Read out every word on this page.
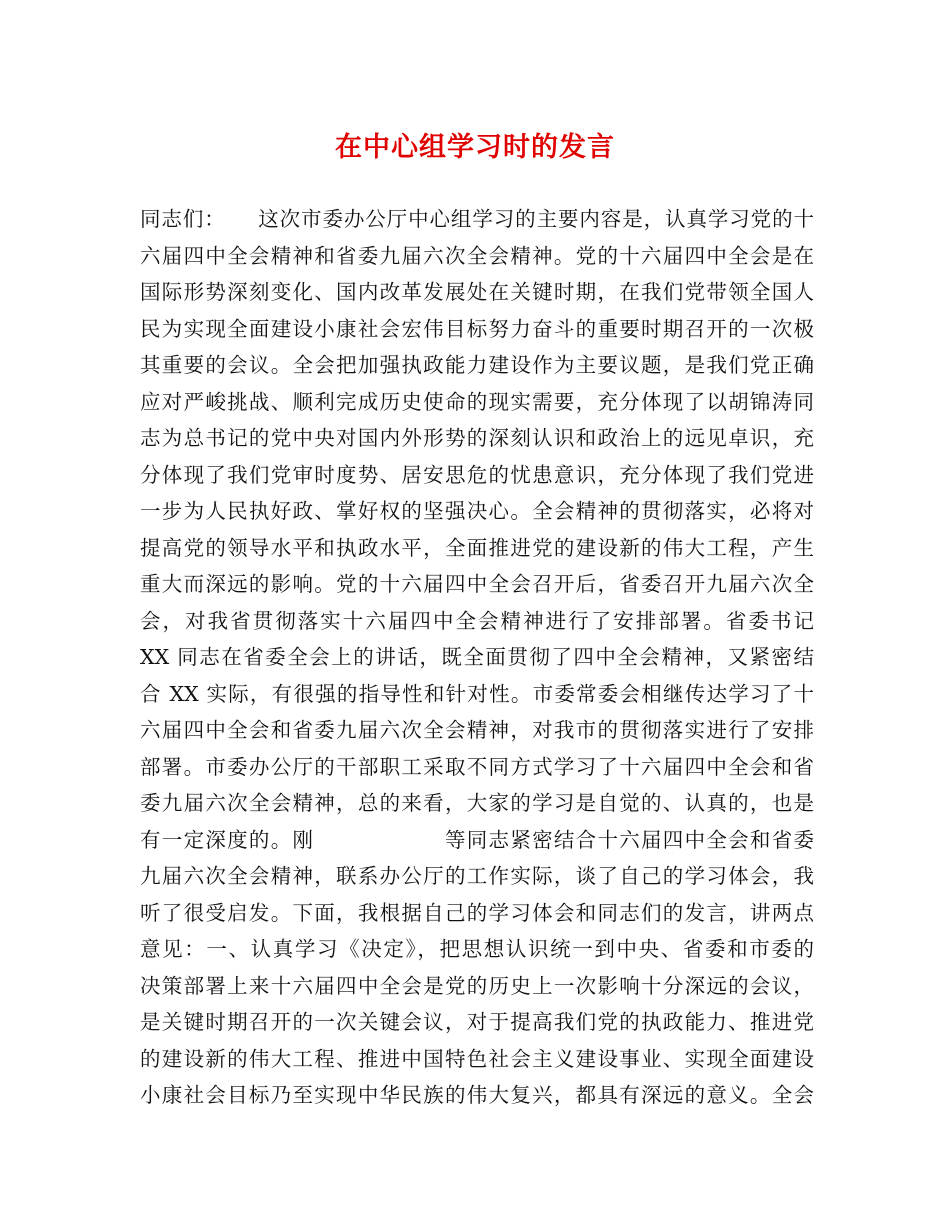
在中心组学习时的发言
同志们：　　这次市委办公厅中心组学习的主要内容是，认真学习党的十
六届四中全会精神和省委九届六次全会精神。党的十六届四中全会是在
国际形势深刻变化、国内改革发展处在关键时期，在我们党带领全国人
民为实现全面建设小康社会宏伟目标努力奋斗的重要时期召开的一次极
其重要的会议。全会把加强执政能力建设作为主要议题，是我们党正确
应对严峻挑战、顺利完成历史使命的现实需要，充分体现了以胡锦涛同
志为总书记的党中央对国内外形势的深刻认识和政治上的远见卓识，充
分体现了我们党审时度势、居安思危的忧患意识，充分体现了我们党进
一步为人民执好政、掌好权的坚强决心。全会精神的贯彻落实，必将对
提高党的领导水平和执政水平，全面推进党的建设新的伟大工程，产生
重大而深远的影响。党的十六届四中全会召开后，省委召开九届六次全
会，对我省贯彻落实十六届四中全会精神进行了安排部署。省委书记
XX 同志在省委全会上的讲话，既全面贯彻了四中全会精神，又紧密结
合 XX 实际，有很强的指导性和针对性。市委常委会相继传达学习了十
六届四中全会和省委九届六次全会精神，对我市的贯彻落实进行了安排
部署。市委办公厅的干部职工采取不同方式学习了十六届四中全会和省
委九届六次全会精神，总的来看，大家的学习是自觉的、认真的，也是
有一定深度的。刚　　　　　　等同志紧密结合十六届四中全会和省委
九届六次全会精神，联系办公厅的工作实际，谈了自己的学习体会，我
听了很受启发。下面，我根据自己的学习体会和同志们的发言，讲两点
意见：一、认真学习《决定》，把思想认识统一到中央、省委和市委的
决策部署上来十六届四中全会是党的历史上一次影响十分深远的会议，
是关键时期召开的一次关键会议，对于提高我们党的执政能力、推进党
的建设新的伟大工程、推进中国特色社会主义建设事业、实现全面建设
小康社会目标乃至实现中华民族的伟大复兴，都具有深远的意义。全会
